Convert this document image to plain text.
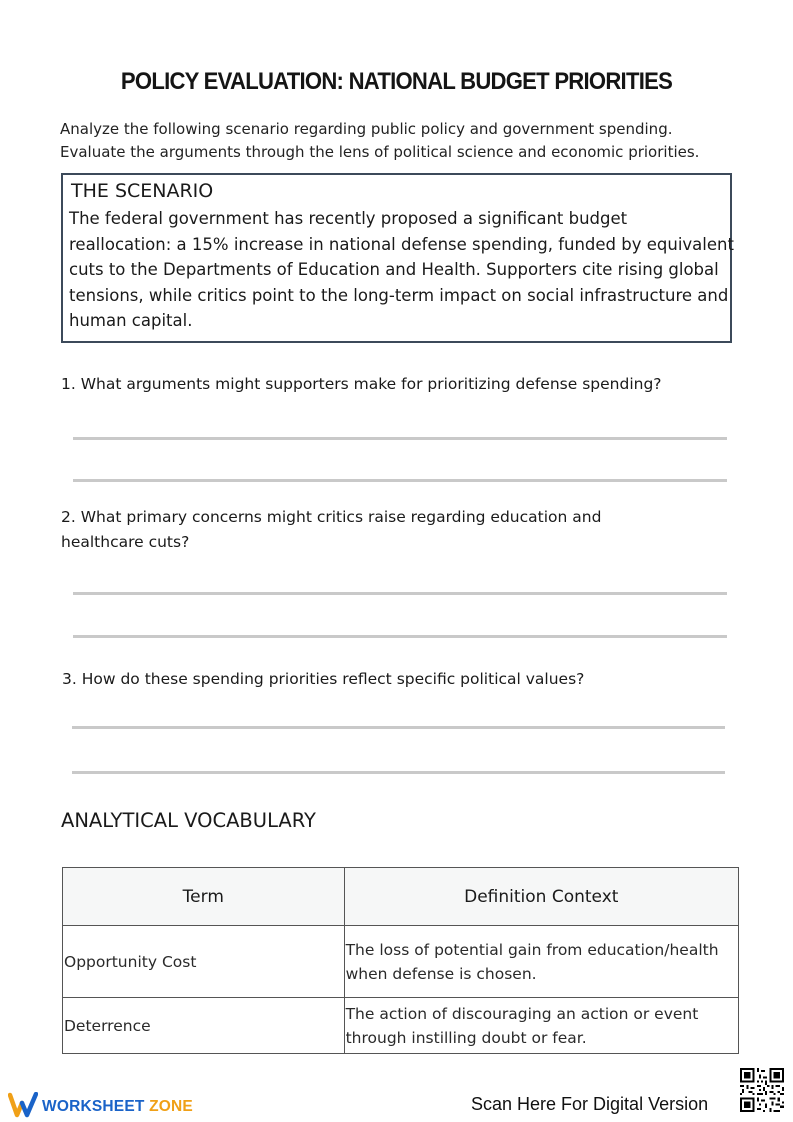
POLICY EVALUATION: NATIONAL BUDGET PRIORITIES
Analyze the following scenario regarding public policy and government spending.
Evaluate the arguments through the lens of political science and economic priorities.
THE SCENARIO
The federal government has recently proposed a significant budget reallocation: a 15% increase in national defense spending, funded by equivalent cuts to the Departments of Education and Health. Supporters cite rising global tensions, while critics point to the long-term impact on social infrastructure and human capital.
1. What arguments might supporters make for prioritizing defense spending?
2. What primary concerns might critics raise regarding education and healthcare cuts?
3. How do these spending priorities reflect specific political values?
ANALYTICAL VOCABULARY
Term	Definition Context
Opportunity Cost	The loss of potential gain from education/health when defense is chosen.
Deterrence	The action of discouraging an action or event through instilling doubt or fear.
WORKSHEET ZONE	Scan Here For Digital Version
